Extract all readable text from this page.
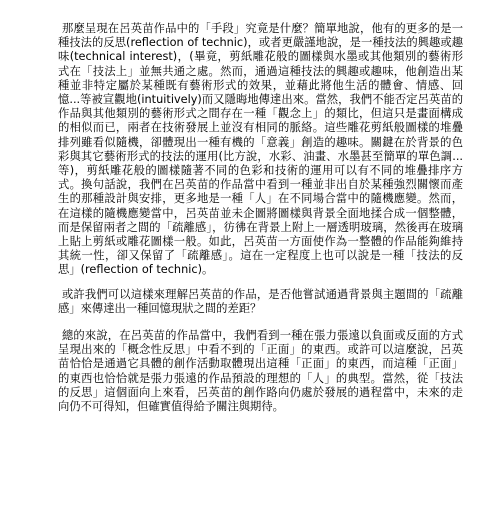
那麼呈現在呂英苗作品中的「手段」究竟是什麼？簡單地說，他有的更多的是一種技法的反思(reflection of technic)，或者更嚴謹地說，是一種技法的興趣或趣味(technical interest)，(畢竟，剪紙雕花般的圖樣與水墨或其他類別的藝術形式在「技法上」並無共通之處。然而，通過這種技法的興趣或趣味，他創造出某種並非特定屬於某種既有藝術形式的效果，並藉此將他生活的體會、情感、回憶...等被宣觀地(intuitively)而又隱晦地傳達出來。當然，我們不能否定呂英苗的作品與其他類別的藝術形式之間存在一種「觀念上」的類比，但這只是畫面構成的相似而已，兩者在技術發展上並沒有相同的脈絡。這些雕花剪紙般圖樣的堆疊排列雖看似隨機，卻體現出一種有機的「意義」創造的趣味。關鍵在於背景的色彩與其它藝術形式的技法的運用(比方說，水彩、油畫、水墨甚至簡單的單色調...等)，剪紙雕花般的圖樣隨著不同的色彩和技術的運用可以有不同的堆疊排序方式。換句話說，我們在呂英苗的作品當中看到一種並非出自於某種強烈關懷而產生的那種設計與安排，更多地是一種「人」在不同場合當中的隨機應變。然而，在這樣的隨機應變當中，呂英苗並未企圖將圖樣與背景全面地揉合成一個整體，而是保留兩者之間的「疏離感」，彷彿在背景上附上一層透明玻璃，然後再在玻璃上貼上剪紙或雕花圖樣一般。如此，呂英苗一方面使作為一整體的作品能夠維持其統一性，卻又保留了「疏離感」。這在一定程度上也可以說是一種「技法的反思」(reflection of technic)。

或許我們可以這樣來理解呂英苗的作品，是否他嘗試通過背景與主題間的「疏離感」來傳達出一種回憶現狀之間的差距？

總的來說，在呂英苗的作品當中，我們看到一種在張力張遠以負面或反面的方式呈現出來的「概念性反思」中看不到的「正面」的東西。或許可以這麼說，呂英苗恰恰是通過它具體的創作活動取體現出這種「正面」的東西，而這種「正面」的東西也恰恰就是張力張遠的作品預設的理想的「人」的典型。當然，從「技法的反思」這個面向上來看，呂英苗的創作路向仍處於發展的過程當中，未來的走向仍不可得知，但確實值得給予關注與期待。
